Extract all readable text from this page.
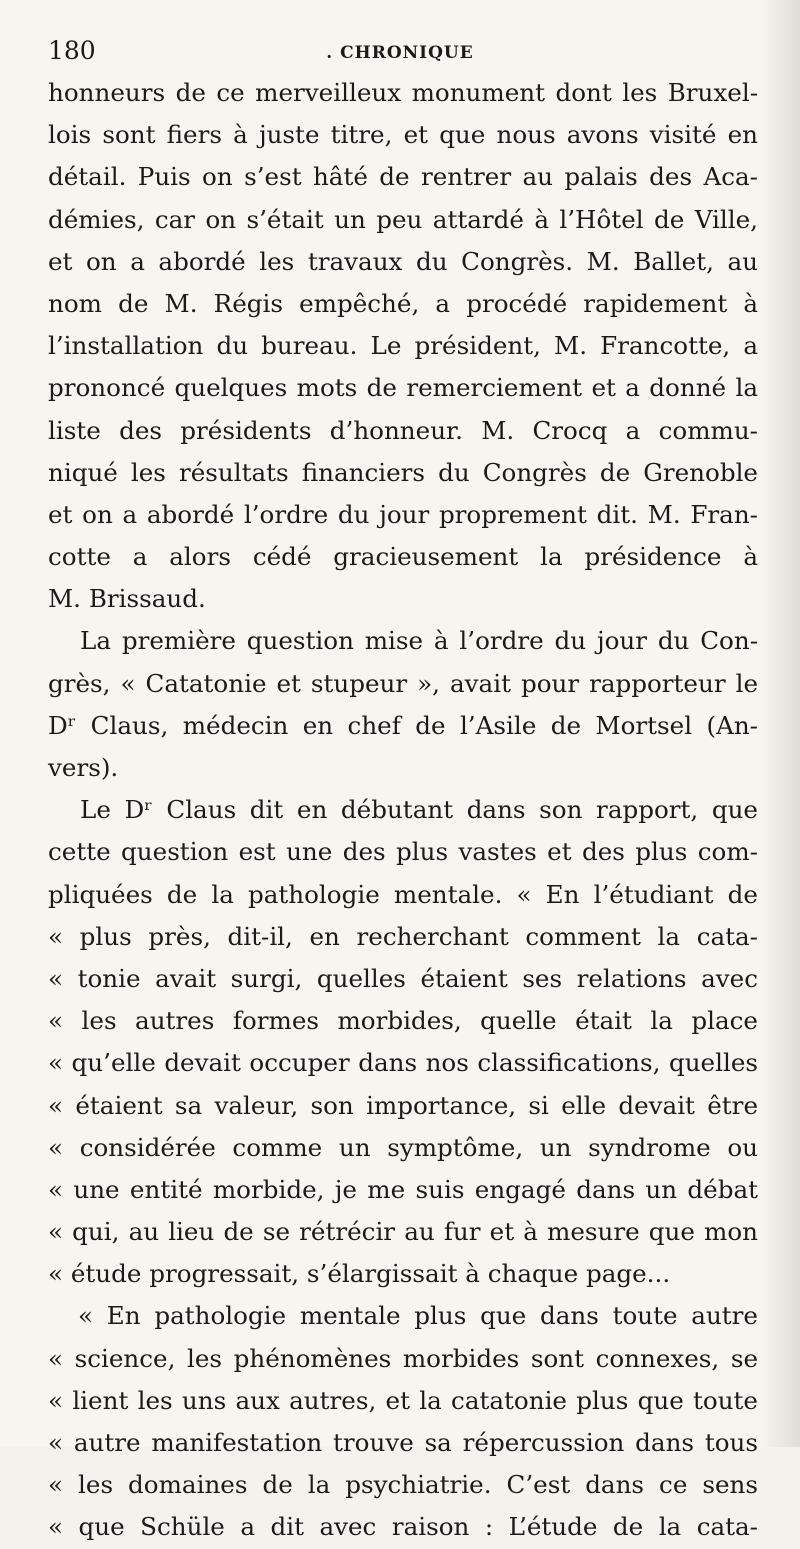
180	. CHRONIQUE
honneurs de ce merveilleux monument dont les Bruxel-
lois sont fiers à juste titre, et que nous avons visité en
détail. Puis on s’est hâté de rentrer au palais des Aca-
démies, car on s’était un peu attardé à l’Hôtel de Ville,
et on a abordé les travaux du Congrès. M. Ballet, au
nom de M. Régis empêché, a procédé rapidement à
l’installation du bureau. Le président, M. Francotte, a
prononcé quelques mots de remerciement et a donné la
liste des présidents d’honneur. M. Crocq a commu-
niqué les résultats financiers du Congrès de Grenoble
et on a abordé l’ordre du jour proprement dit. M. Fran-
cotte a alors cédé gracieusement la présidence à
M. Brissaud.
La première question mise à l’ordre du jour du Con-
grès, « Catatonie et stupeur », avait pour rapporteur le
Dʳ Claus, médecin en chef de l’Asile de Mortsel (An-
vers).
Le Dʳ Claus dit en débutant dans son rapport, que
cette question est une des plus vastes et des plus com-
pliquées de la pathologie mentale. « En l’étudiant de
« plus près, dit-il, en recherchant comment la cata-
« tonie avait surgi, quelles étaient ses relations avec
« les autres formes morbides, quelle était la place
« qu’elle devait occuper dans nos classifications, quelles
« étaient sa valeur, son importance, si elle devait être
« considérée comme un symptôme, un syndrome ou
« une entité morbide, je me suis engagé dans un débat
« qui, au lieu de se rétrécir au fur et à mesure que mon
« étude progressait, s’élargissait à chaque page...
« En pathologie mentale plus que dans toute autre
« science, les phénomènes morbides sont connexes, se
« lient les uns aux autres, et la catatonie plus que toute
« autre manifestation trouve sa répercussion dans tous
« les domaines de la psychiatrie. C’est dans ce sens
« que Schüle a dit avec raison : L’étude de la cata-
